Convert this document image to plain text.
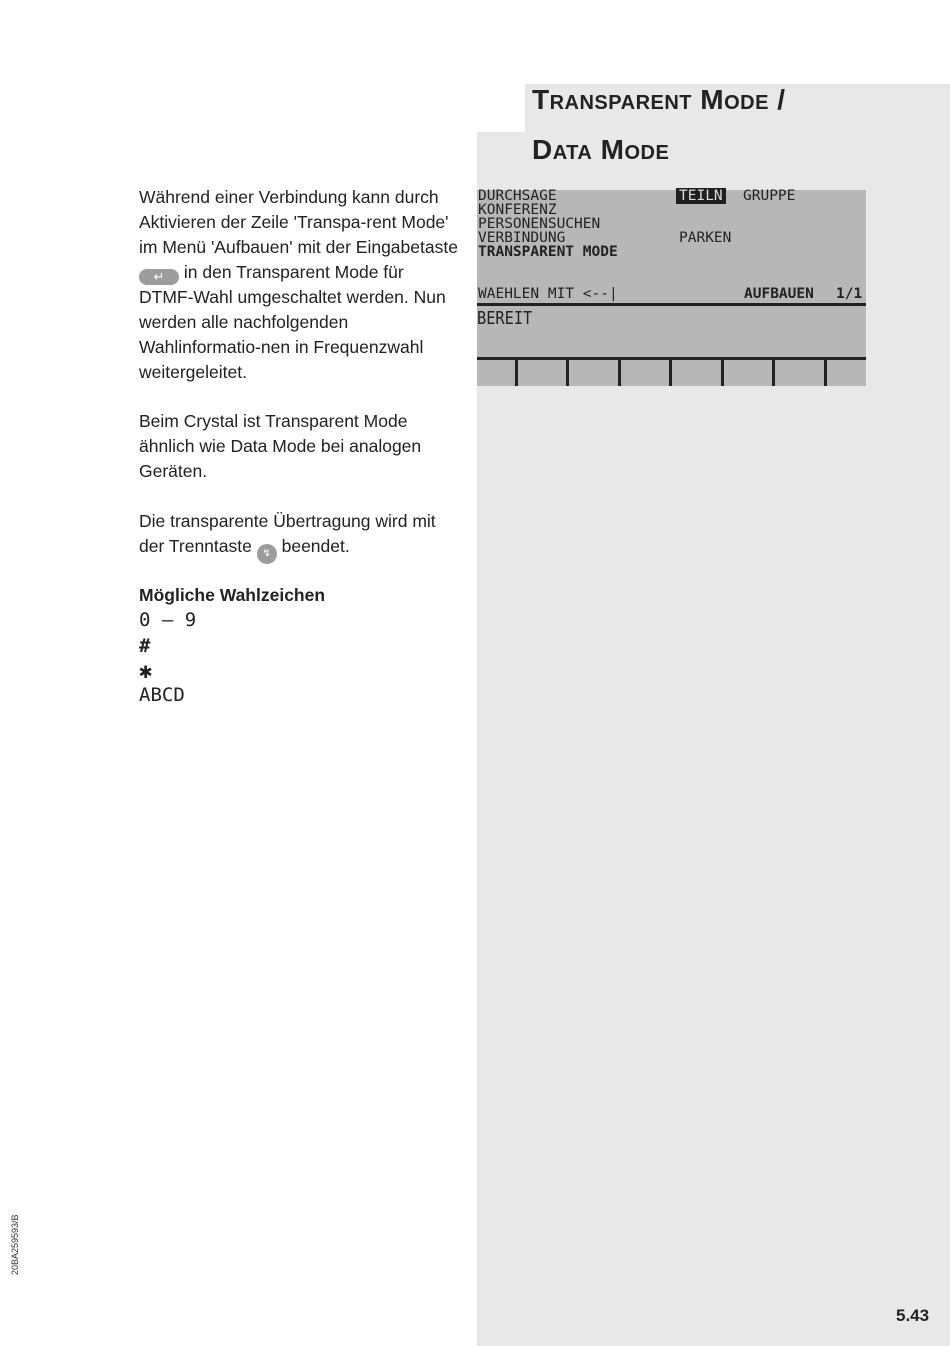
Transparent Mode /
Data Mode
Während einer Verbindung kann durch Aktivieren der Zeile 'Transpa-rent Mode' im Menü 'Aufbauen' mit der Eingabetaste ↵ in den Transparent Mode für DTMF-Wahl umgeschaltet werden. Nun werden alle nachfolgenden Wahlinformatio-nen in Frequenzwahl weitergeleitet.
Beim Crystal ist Transparent Mode ähnlich wie Data Mode bei analogen Geräten.
Die transparente Übertragung wird mit der Trenntaste ↯ beendet.
Mögliche Wahlzeichen
0 – 9
#
✱
ABCD
DURCHSAGE	TEILN GRUPPE
KONFERENZ
PERSONENSUCHEN
VERBINDUNG	PARKEN
TRANSPARENT MODE
WAEHLEN MIT <--|	AUFBAUEN 1/1
BEREIT
20BA259593/B
5.43
